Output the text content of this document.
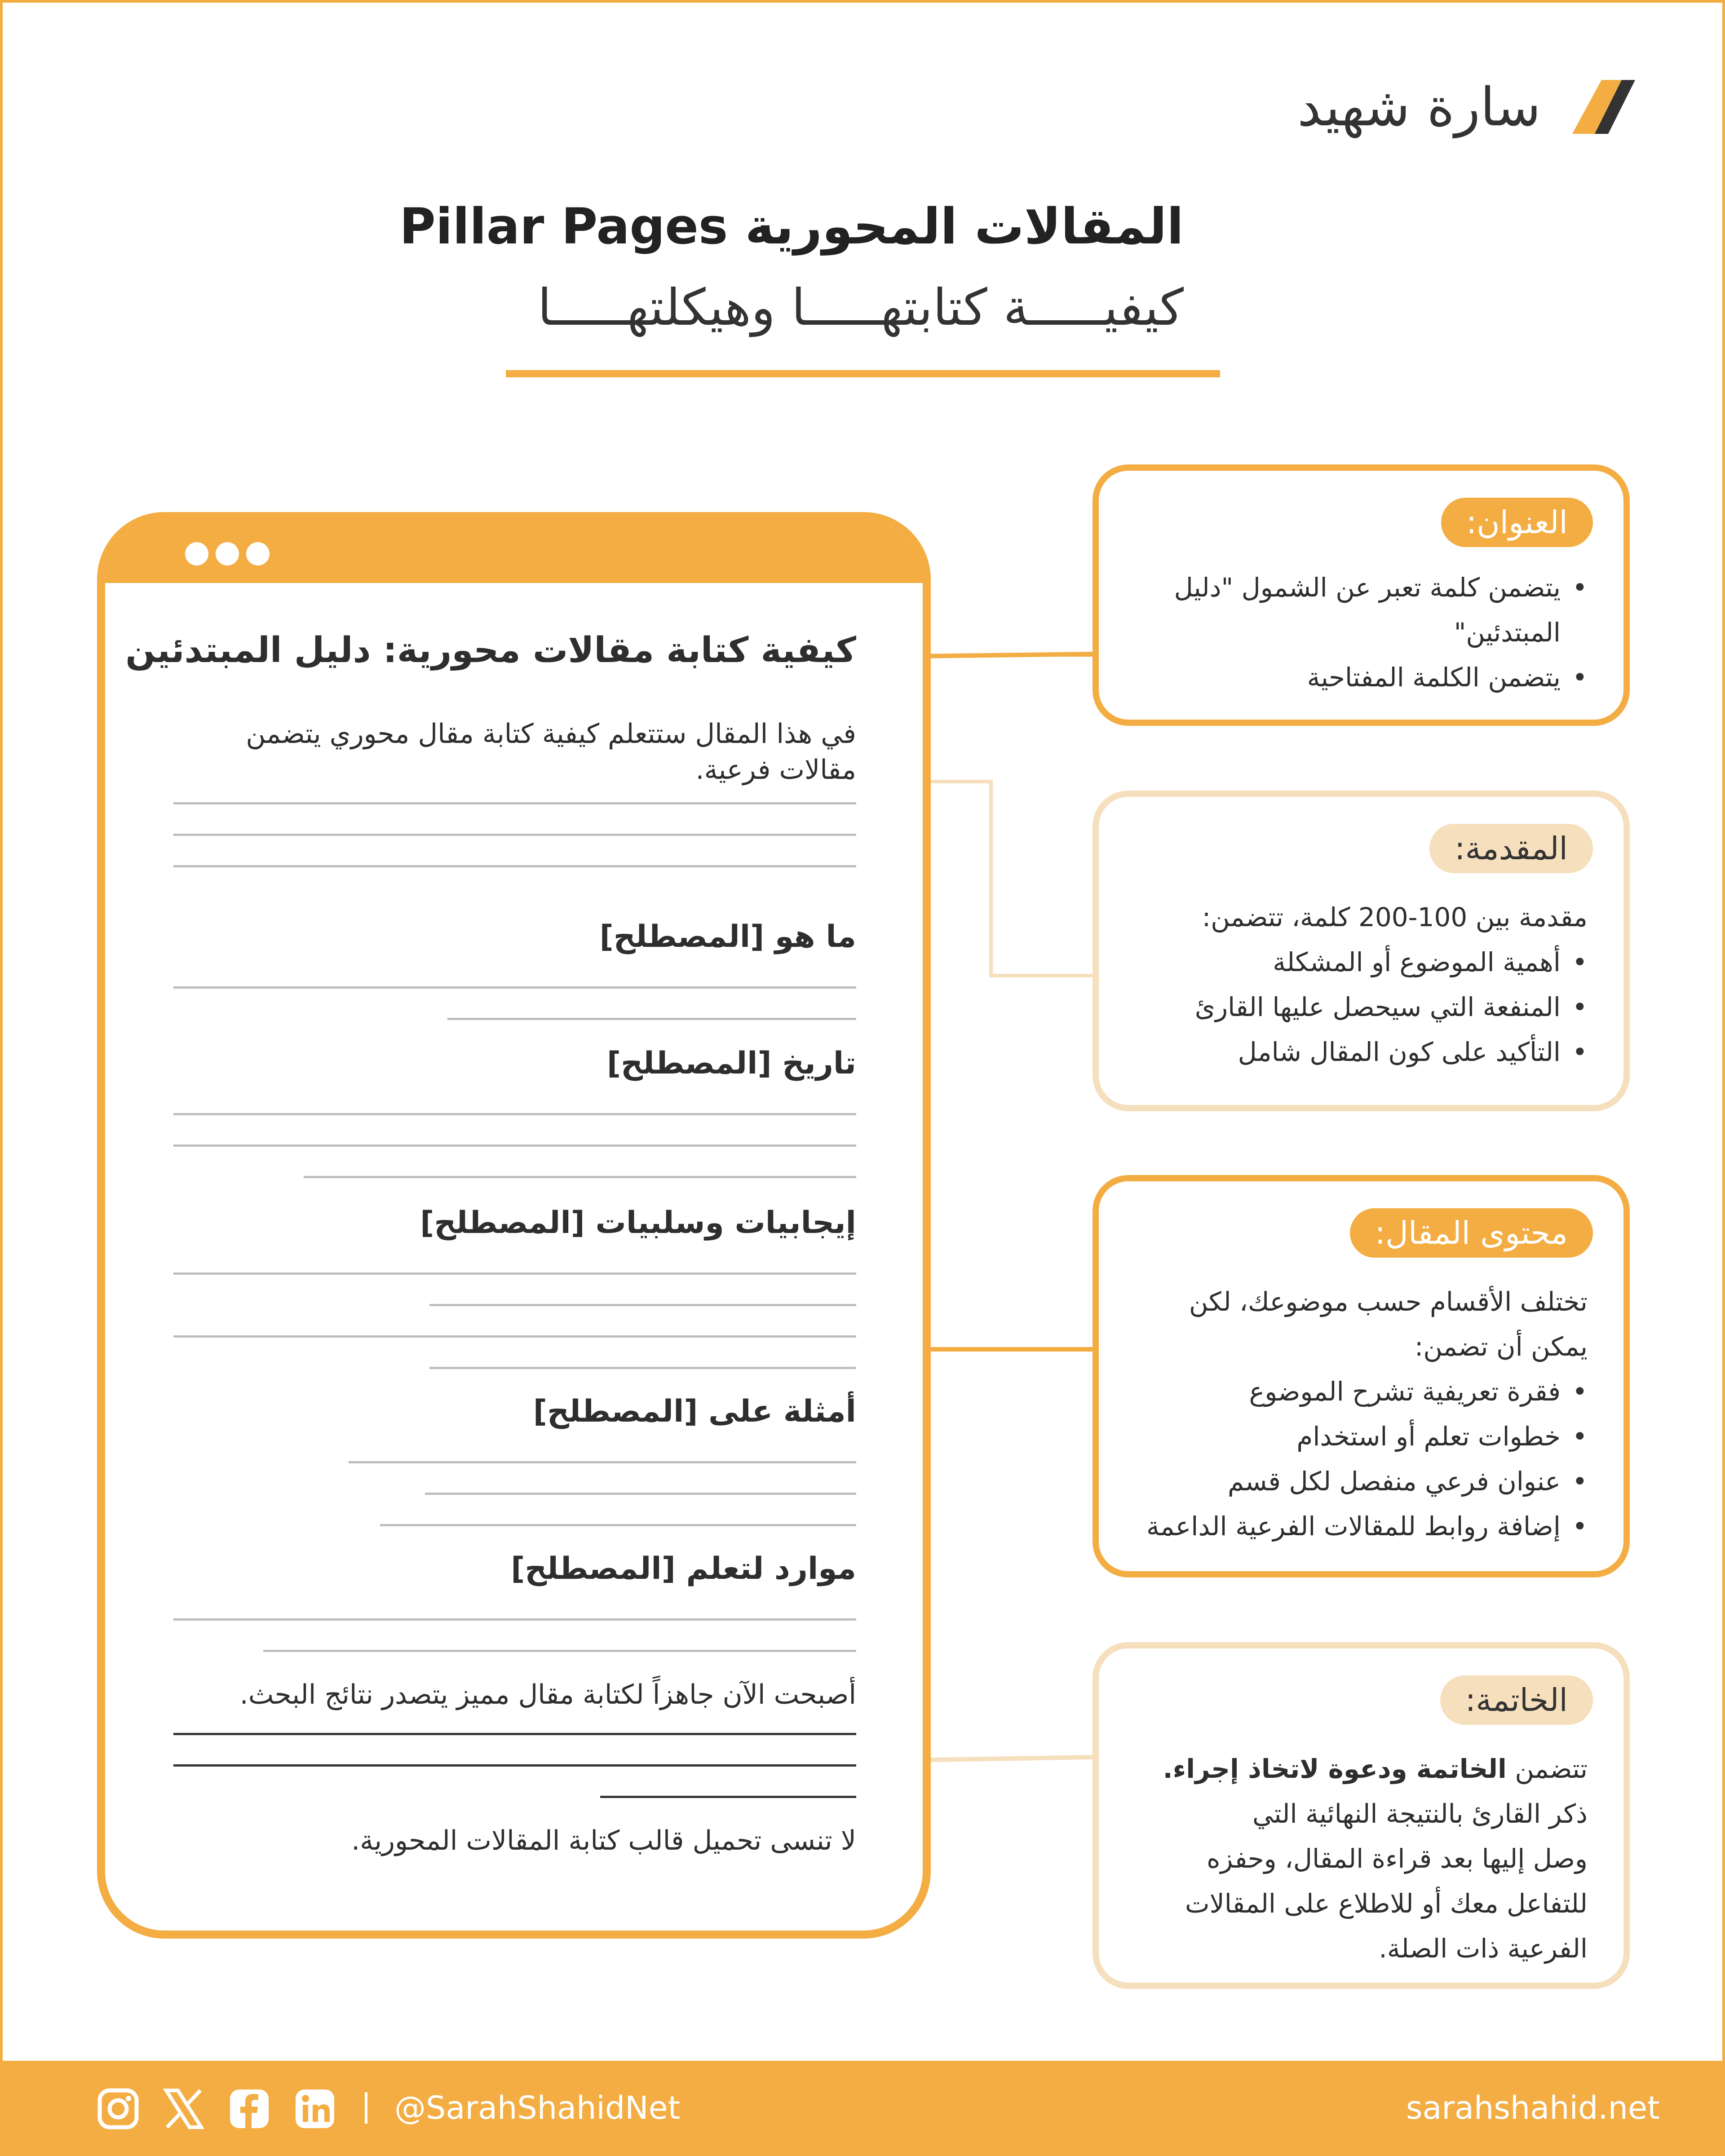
سارة شهيد
المقالات المحورية Pillar Pages
كيفيـــــة كتابتهـــــا وهيكلتهـــــا
كيفية كتابة مقالات محورية: دليل المبتدئين
في هذا المقال ستتعلم كيفية كتابة مقال محوري يتضمن مقالات فرعية.
ما هو [المصطلح]
تاريخ [المصطلح]
إيجابيات وسلبيات [المصطلح]
أمثلة على [المصطلح]
موارد لتعلم [المصطلح]
أصبحت الآن جاهزاً لكتابة مقال مميز يتصدر نتائج البحث.
لا تنسى تحميل قالب كتابة المقالات المحورية.
العنوان:
• يتضمن كلمة تعبر عن الشمول "دليل المبتدئين"
• يتضمن الكلمة المفتاحية
المقدمة:
مقدمة بين 100-200 كلمة، تتضمن:
• أهمية الموضوع أو المشكلة
• المنفعة التي سيحصل عليها القارئ
• التأكيد على كون المقال شامل
محتوى المقال:
تختلف الأقسام حسب موضوعك، لكن
يمكن أن تضمن:
• فقرة تعريفية تشرح الموضوع
• خطوات تعلم أو استخدام
• عنوان فرعي منفصل لكل قسم
• إضافة روابط للمقالات الفرعية الداعمة
الخاتمة:
تتضمن الخاتمة ودعوة لاتخاذ إجراء.
ذكر القارئ بالنتيجة النهائية التي
وصل إليها بعد قراءة المقال، وحفزه
للتفاعل معك أو للاطلاع على المقالات
الفرعية ذات الصلة.
@SarahShahidNet	sarahshahid.net
